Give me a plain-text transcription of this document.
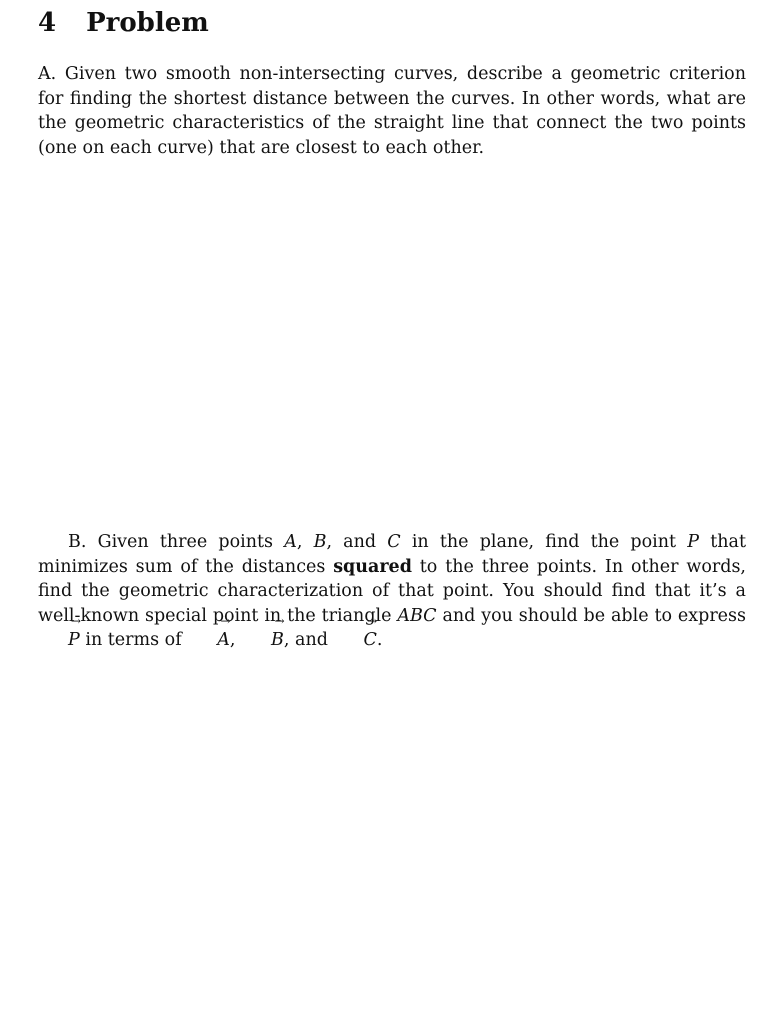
4 Problem

A. Given two smooth non-intersecting curves, describe a geometric criterion for finding the shortest distance between the curves. In other words, what are the geometric characteristics of the straight line that connect the two points (one on each curve) that are closest to each other.

B. Given three points A, B, and C in the plane, find the point P that minimizes sum of the distances squared to the three points. In other words, find the geometric characterization of that point. You should find that it’s a well-known special point in the triangle ABC and you should be able to express → P in terms of → A, → B, and → C.
